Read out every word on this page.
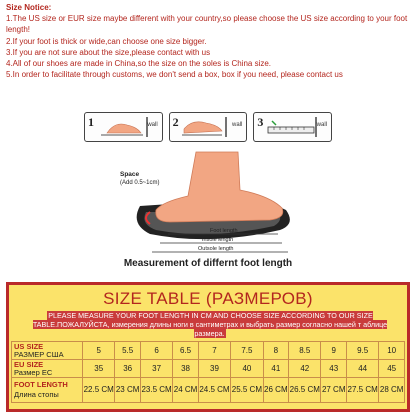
Size Notice:
1.The US size or EUR size maybe different with your country,so please choose the US size according to your foot length!
2.If your foot is thick or wide,can choose one size bigger.
3.If you are not sure about the size,please contact with us
4.All of our shoes are made in China,so the size on the soles is China size.
5.In order to facilitate through customs, we don't send a box, box if you need, please contact us
1	wall 2	wall 3	wall
Space
(Add 0.5~1cm)
Foot length
Insole length
Outsole length
Measurement of differnt foot length
SIZE TABLE (РАЗМЕРОВ)
PLEASE MEASURE YOUR FOOT LENGTH IN CM AND CHOOSE SIZE ACCORDING TO OUR SIZE TABLE.ПОЖАЛУЙСТА, измерения длины ноги в сантиметрах и выбрать размер согласно нашей т аблице размера.
US SIZE
РАЗМЕР США	5	5.5	6	6.5	7	7.5	8	8.5	9	9.5	10
EU SIZE
Размер ЕС	35	36	37	38	39	40	41	42	43	44	45
FOOT LENGTH
Длина стопы	22.5 CM	23 CM	23.5 CM	24 CM	24.5 CM	25.5 CM	26 CM	26.5 CM	27 CM	27.5 CM	28 CM
